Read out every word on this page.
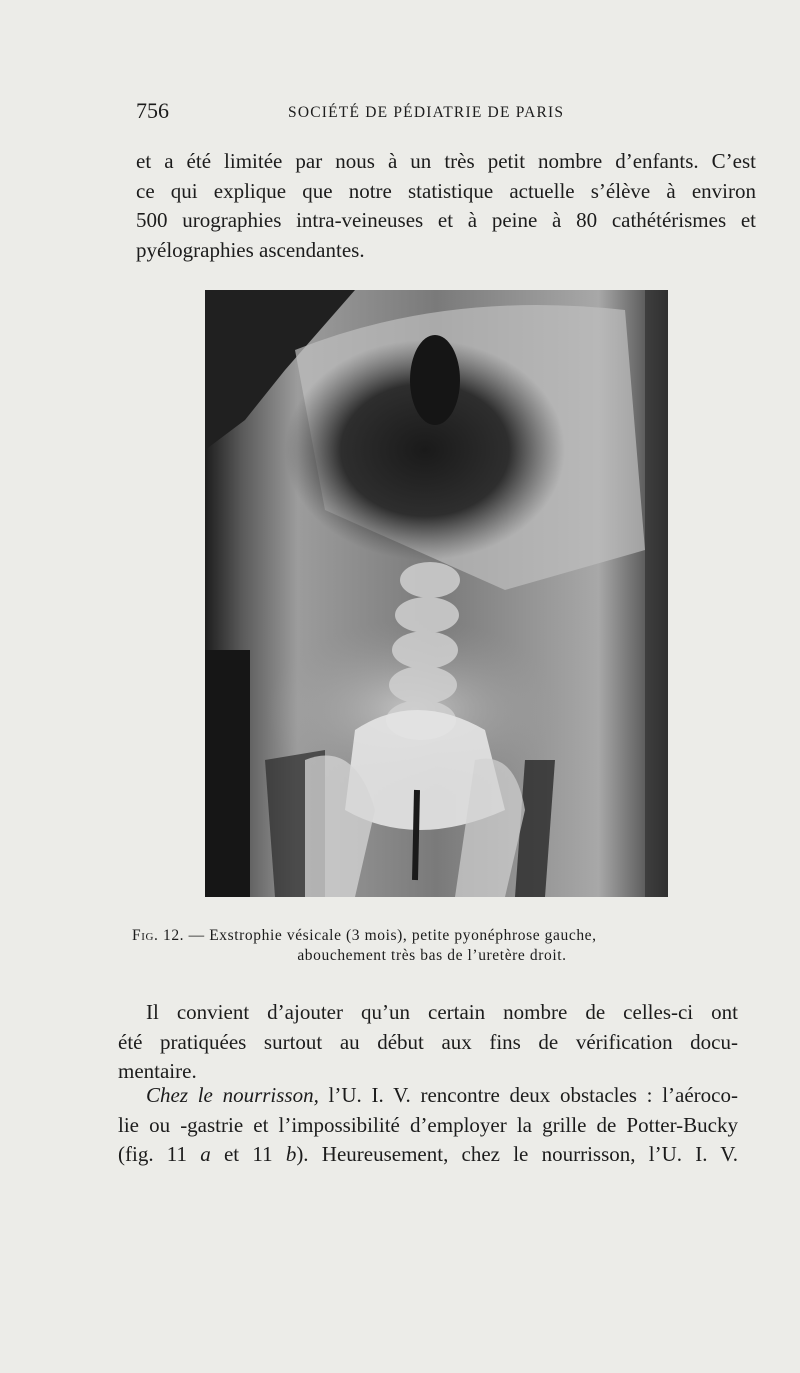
756	SOCIÉTÉ DE PÉDIATRIE DE PARIS

et a été limitée par nous à un très petit nombre d’enfants. C’est
ce qui explique que notre statistique actuelle s’élève à environ
500 urographies intra-veineuses et à peine à 80 cathétérismes et
pyélographies ascendantes.

Fig. 12. — Exstrophie vésicale (3 mois), petite pyonéphrose gauche,
abouchement très bas de l’uretère droit.

Il convient d’ajouter qu’un certain nombre de celles-ci ont
été pratiquées surtout au début aux fins de vérification docu-
mentaire.

Chez le nourrisson, l’U. I. V. rencontre deux obstacles : l’aéroco-
lie ou -gastrie et l’impossibilité d’employer la grille de Potter-Bucky
(fig. 11 a et 11 b). Heureusement, chez le nourrisson, l’U. I. V.
